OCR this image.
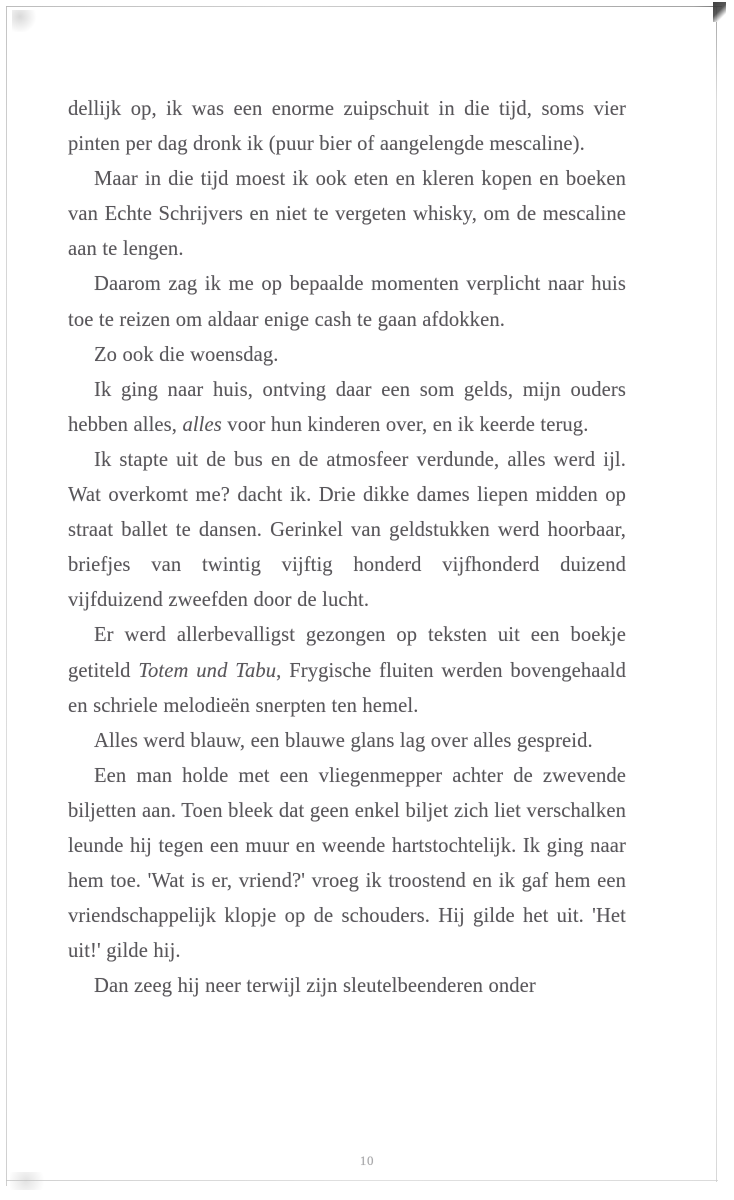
dellijk op, ik was een enorme zuipschuit in die tijd, soms vier pinten per dag dronk ik (puur bier of aangelengde mescaline).

Maar in die tijd moest ik ook eten en kleren kopen en boeken van Echte Schrijvers en niet te vergeten whisky, om de mescaline aan te lengen.

Daarom zag ik me op bepaalde momenten verplicht naar huis toe te reizen om aldaar enige cash te gaan afdokken.

Zo ook die woensdag.

Ik ging naar huis, ontving daar een som gelds, mijn ouders hebben alles, alles voor hun kinderen over, en ik keerde terug.

Ik stapte uit de bus en de atmosfeer verdunde, alles werd ijl. Wat overkomt me? dacht ik. Drie dikke dames liepen midden op straat ballet te dansen. Gerinkel van geldstukken werd hoorbaar, briefjes van twintig vijftig honderd vijfhonderd duizend vijfduizend zweefden door de lucht.

Er werd allerbevalligst gezongen op teksten uit een boekje getiteld Totem und Tabu, Frygische fluiten werden bovengehaald en schriele melodieën snerpten ten hemel.

Alles werd blauw, een blauwe glans lag over alles gespreid.

Een man holde met een vliegenmepper achter de zwevende biljetten aan. Toen bleek dat geen enkel biljet zich liet verschalken leunde hij tegen een muur en weende hartstochtelijk. Ik ging naar hem toe. 'Wat is er, vriend?' vroeg ik troostend en ik gaf hem een vriendschappelijk klopje op de schouders. Hij gilde het uit. 'Het uit!' gilde hij.

Dan zeeg hij neer terwijl zijn sleutelbeenderen onder

10
